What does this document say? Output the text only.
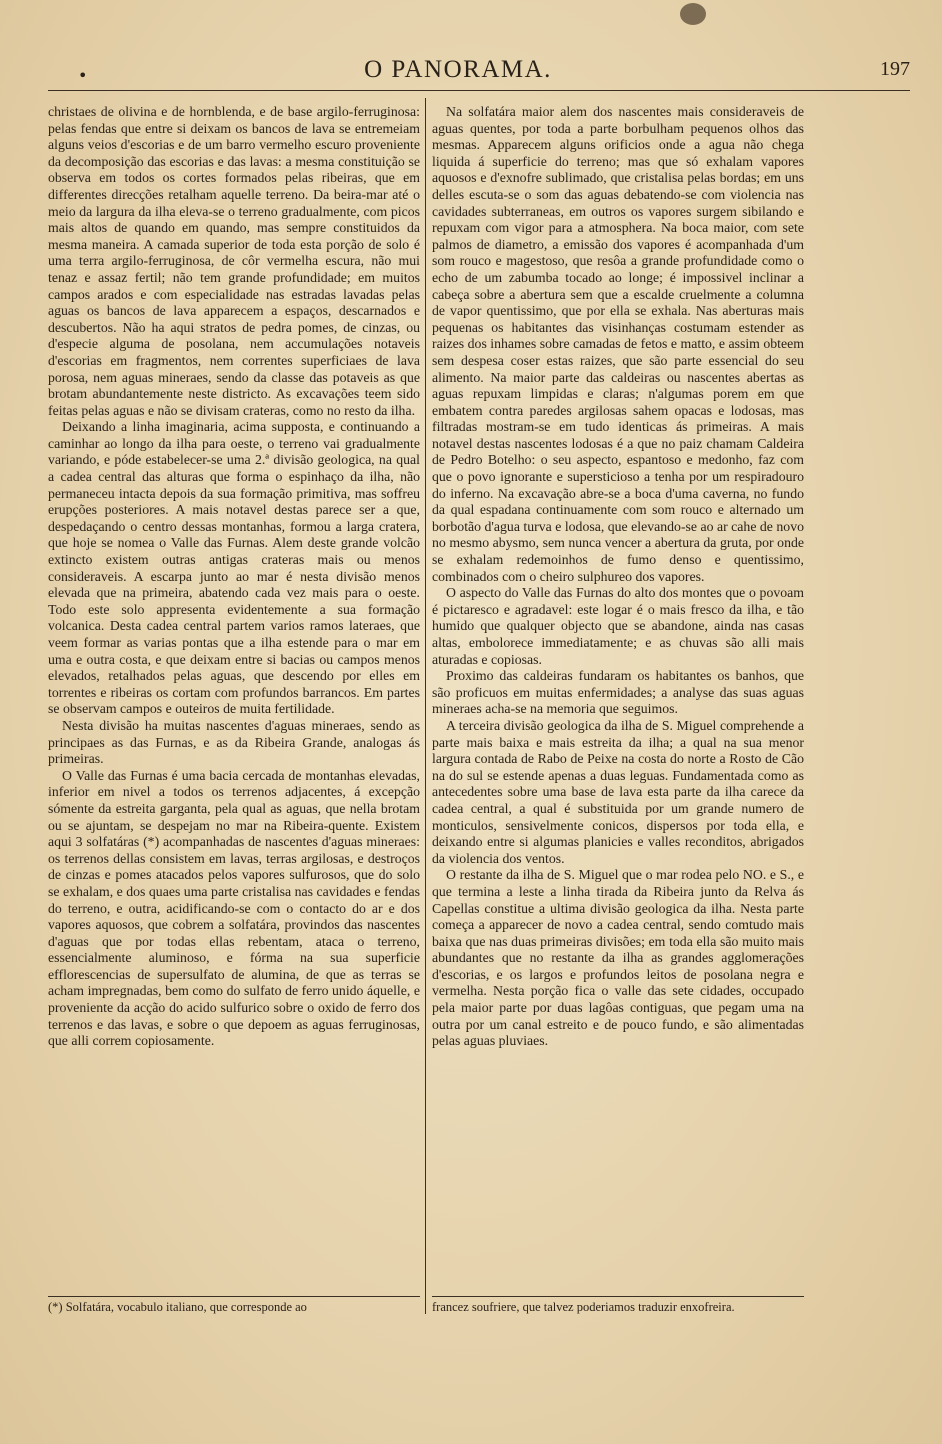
•	O PANORAMA.	197

christaes de olivina e de hornblenda, e de base argilo-ferruginosa: pelas fendas que entre si deixam os bancos de lava se entremeiam alguns veios d'escorias e de um barro vermelho escuro proveniente da decomposição das escorias e das lavas: a mesma constituição se observa em todos os cortes formados pelas ribeiras, que em differentes direcções retalham aquelle terreno. Da beira-mar até o meio da largura da ilha eleva-se o terreno gradualmente, com picos mais altos de quando em quando, mas sempre constituidos da mesma maneira. A camada superior de toda esta porção de solo é uma terra argilo-ferruginosa, de côr vermelha escura, não mui tenaz e assaz fertil; não tem grande profundidade; em muitos campos arados e com especialidade nas estradas lavadas pelas aguas os bancos de lava apparecem a espaços, descarnados e descubertos. Não ha aqui stratos de pedra pomes, de cinzas, ou d'especie alguma de posolana, nem accumulações notaveis d'escorias em fragmentos, nem correntes superficiaes de lava porosa, nem aguas mineraes, sendo da classe das potaveis as que brotam abundantemente neste districto. As excavações teem sido feitas pelas aguas e não se divisam crateras, como no resto da ilha.

Deixando a linha imaginaria, acima supposta, e continuando a caminhar ao longo da ilha para oeste, o terreno vai gradualmente variando, e póde estabelecer-se uma 2.ª divisão geologica, na qual a cadea central das alturas que forma o espinhaço da ilha, não permaneceu intacta depois da sua formação primitiva, mas soffreu erupções posteriores. A mais notavel destas parece ser a que, despedaçando o centro dessas montanhas, formou a larga cratera, que hoje se nomea o Valle das Furnas. Alem deste grande volcão extincto existem outras antigas crateras mais ou menos consideraveis. A escarpa junto ao mar é nesta divisão menos elevada que na primeira, abatendo cada vez mais para o oeste. Todo este solo appresenta evidentemente a sua formação volcanica. Desta cadea central partem varios ramos lateraes, que veem formar as varias pontas que a ilha estende para o mar em uma e outra costa, e que deixam entre si bacias ou campos menos elevados, retalhados pelas aguas, que descendo por elles em torrentes e ribeiras os cortam com profundos barrancos. Em partes se observam campos e outeiros de muita fertilidade.

Nesta divisão ha muitas nascentes d'aguas mineraes, sendo as principaes as das Furnas, e as da Ribeira Grande, analogas ás primeiras.

O Valle das Furnas é uma bacia cercada de montanhas elevadas, inferior em nivel a todos os terrenos adjacentes, á excepção sómente da estreita garganta, pela qual as aguas, que nella brotam ou se ajuntam, se despejam no mar na Ribeira-quente. Existem aqui 3 solfatáras (*) acompanhadas de nascentes d'aguas mineraes: os terrenos dellas consistem em lavas, terras argilosas, e destroços de cinzas e pomes atacados pelos vapores sulfurosos, que do solo se exhalam, e dos quaes uma parte cristalisa nas cavidades e fendas do terreno, e outra, acidificando-se com o contacto do ar e dos vapores aquosos, que cobrem a solfatára, provindos das nascentes d'aguas que por todas ellas rebentam, ataca o terreno, essencialmente aluminoso, e fórma na sua superficie efflorescencias de supersulfato de alumina, de que as terras se acham impregnadas, bem como do sulfato de ferro unido áquelle, e proveniente da acção do acido sulfurico sobre o oxido de ferro dos terrenos e das lavas, e sobre o que depoem as aguas ferruginosas, que alli correm copiosamente.

Na solfatára maior alem dos nascentes mais consideraveis de aguas quentes, por toda a parte borbulham pequenos olhos das mesmas. Apparecem alguns orificios onde a agua não chega liquida á superficie do terreno; mas que só exhalam vapores aquosos e d'exnofre sublimado, que cristalisa pelas bordas; em uns delles escuta-se o som das aguas debatendo-se com violencia nas cavidades subterraneas, em outros os vapores surgem sibilando e repuxam com vigor para a atmosphera. Na boca maior, com sete palmos de diametro, a emissão dos vapores é acompanhada d'um som rouco e magestoso, que resôa a grande profundidade como o echo de um zabumba tocado ao longe; é impossivel inclinar a cabeça sobre a abertura sem que a escalde cruelmente a columna de vapor quentissimo, que por ella se exhala. Nas aberturas mais pequenas os habitantes das visinhanças costumam estender as raizes dos inhames sobre camadas de fetos e matto, e assim obteem sem despesa coser estas raizes, que são parte essencial do seu alimento. Na maior parte das caldeiras ou nascentes abertas as aguas repuxam limpidas e claras; n'algumas porem em que embatem contra paredes argilosas sahem opacas e lodosas, mas filtradas mostram-se em tudo identicas ás primeiras. A mais notavel destas nascentes lodosas é a que no paiz chamam Caldeira de Pedro Botelho: o seu aspecto, espantoso e medonho, faz com que o povo ignorante e supersticioso a tenha por um respiradouro do inferno. Na excavação abre-se a boca d'uma caverna, no fundo da qual espadana continuamente com som rouco e alternado um borbotão d'agua turva e lodosa, que elevando-se ao ar cahe de novo no mesmo abysmo, sem nunca vencer a abertura da gruta, por onde se exhalam redemoinhos de fumo denso e quentissimo, combinados com o cheiro sulphureo dos vapores.

O aspecto do Valle das Furnas do alto dos montes que o povoam é pictaresco e agradavel: este logar é o mais fresco da ilha, e tão humido que qualquer objecto que se abandone, ainda nas casas altas, embolorece immediatamente; e as chuvas são alli mais aturadas e copiosas.

Proximo das caldeiras fundaram os habitantes os banhos, que são proficuos em muitas enfermidades; a analyse das suas aguas mineraes acha-se na memoria que seguimos.

A terceira divisão geologica da ilha de S. Miguel comprehende a parte mais baixa e mais estreita da ilha; a qual na sua menor largura contada de Rabo de Peixe na costa do norte a Rosto de Cão na do sul se estende apenas a duas leguas. Fundamentada como as antecedentes sobre uma base de lava esta parte da ilha carece da cadea central, a qual é substituida por um grande numero de monticulos, sensivelmente conicos, dispersos por toda ella, e deixando entre si algumas planicies e valles reconditos, abrigados da violencia dos ventos.

O restante da ilha de S. Miguel que o mar rodea pelo NO. e S., e que termina a leste a linha tirada da Ribeira junto da Relva ás Capellas constitue a ultima divisão geologica da ilha. Nesta parte começa a apparecer de novo a cadea central, sendo comtudo mais baixa que nas duas primeiras divisões; em toda ella são muito mais abundantes que no restante da ilha as grandes agglomerações d'escorias, e os largos e profundos leitos de posolana negra e vermelha. Nesta porção fica o valle das sete cidades, occupado pela maior parte por duas lagôas contiguas, que pegam uma na outra por um canal estreito e de pouco fundo, e são alimentadas pelas aguas pluviaes.

(*) Solfatára, vocabulo italiano, que corresponde ao	francez soufriere, que talvez poderiamos traduzir enxofreira.
